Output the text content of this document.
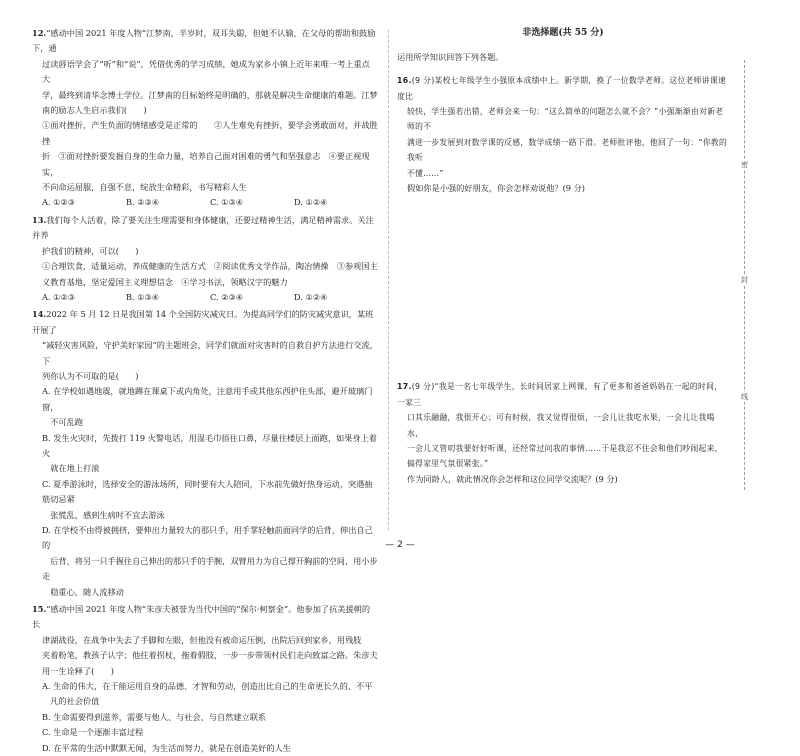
12.“感动中国 2021 年度人物”江梦南，半岁时，双耳失聪，但她不认输，在父母的帮助和鼓励下，通

过读唇语学会了“听”和“说”，凭借优秀的学习成绩，她成为家乡小镇上近年来唯一考上重点大

学，最终到清华念博士学位。江梦南的目标始终是明确的，那就是解决生命健康的难题。江梦

南的励志人生启示我们(　　)

①面对挫折，产生负面的情绪感受是正常的　　②人生难免有挫折，要学会勇敢面对，并战胜挫

折　③面对挫折要发掘自身的生命力量，培养自己面对困难的勇气和坚强意志　④要正视现实，

不向命运屈服，自强不息，绽放生命精彩，书写精彩人生

A. ①②③	B. ②③④	C. ①③④	D. ①②④

13.我们每个人活着，除了要关注生理需要和身体健康，还要过精神生活，满足精神需求。关注并养

护我们的精神，可以(　　)

①合理饮食，适量运动，养成健康的生活方式　②阅读优秀文学作品，陶冶情操　③参观国主

义教育基地，坚定爱国主义理想信念　④学习书法，领略汉字的魅力

A. ①②③	B. ①③④	C. ②③④	D. ①②④

14.2022 年 5 月 12 日是我国第 14 个全国防灾减灾日。为提高同学们的防灾减灾意识，某班开展了

“减轻灾害风险，守护美好家园”的主题班会，同学们就面对灾害时的自救自护方法进行交流，下

列你认为不可取的是(　　)

A. 在学校如遇地震，就地蹲在课桌下或内角处，注意用手或其他东西护住头部，避开玻璃门窗，

　不可乱跑

B. 发生火灾时，先拨打 119 火警电话，用湿毛巾捂住口鼻，尽量往楼层上面跑，如果身上着火

　就在地上打滚

C. 夏季游泳时，选择安全的游泳场所，同时要有大人陪同，下水前先做好热身运动，突遇抽筋切忌紧

　张慌乱，感到生病时不宜去游泳

D. 在学校不由得被拥挤，要伸出力量较大的那只手，用手掌轻触前面同学的后背，伸出自己的

　后背，将另一只手握住自己伸出的那只手的手腕，双臂用力为自己撑开胸前的空间，用小步走

　稳重心，随人流移动

15.“感动中国 2021 年度人物”朱彦夫被誉为当代中国的“保尔·柯察金”。他参加了抗美援朝的长

津湖战役，在战争中失去了手脚和左眼，但他没有被命运压倒，出院后回到家乡，用残肢

夹着粉笔，教孩子认字；他拄着拐杖，拖着假肢，一步一步带领村民们走向致富之路。朱彦夫

用一生诠释了(　　)

A. 生命的伟大，在于能运用自身的品德、才智和劳动，创造出比自己的生命更长久的、不平

　凡的社会价值

B. 生命需要得到滋养，需要与他人、与社会、与自然建立联系

C. 生命是一个逐渐丰富过程

D. 在平常的生活中默默无闻，为生活而努力，就是在创造美好的人生

非选择题(共 55 分)

运用所学知识回答下列各题。

16.(9 分)某校七年级学生小强原本成绩中上。新学期，换了一位数学老师。这位老师讲课速度比

较快，学生强若出错，老师会来一句：“这么简单的问题怎么就不会？”小强渐渐由对新老师的不

满进一步发展到对数学课的反感，数学成绩一路下滑。老师批评他，他回了一句：“你教的我听

不懂……”

假如你是小强的好朋友，你会怎样劝说他？(9 分)

17.(9 分)“我是一名七年级学生，长时间居家上网课，有了更多和爸爸妈妈在一起的时间，一家三

口其乐融融，我很开心；可有时候，我又觉得很烦，一会儿让我吃水果，一会儿让我喝水，

一会儿又管叨我要好好听课，还经常过问我的事情……于是我忍不住会和他们吵闹起来，

搞得家里气氛很紧张。”

作为同龄人，就此情况你会怎样和这位同学交流呢？(9 分)

密
封
线
— 2 —
